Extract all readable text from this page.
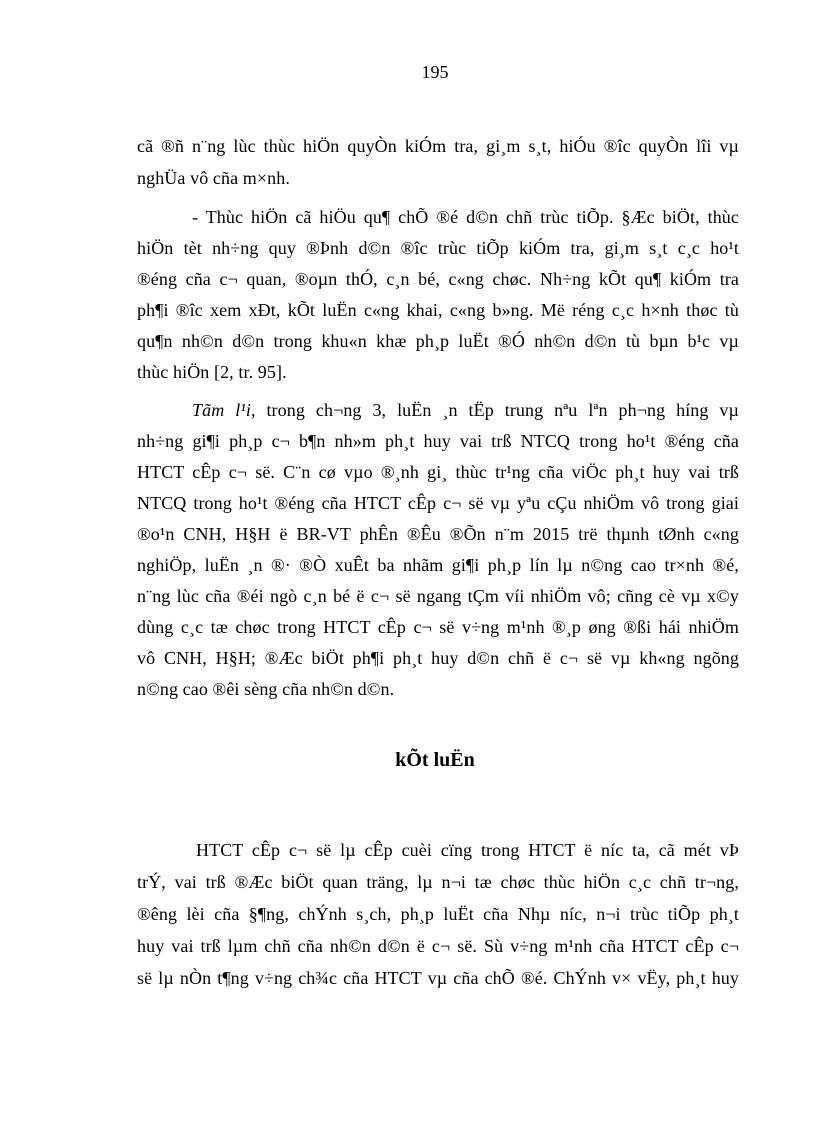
195
cã ®ñ n¨ng lùc thùc hiÖn quyÒn kiÓm tra, gi¸m s¸t, hiÓu ®îc quyÒn lîi vµ
nghÜa vô cña m×nh.
- Thùc hiÖn cã hiÖu qu¶ chÕ ®é d©n chñ trùc tiÕp. §Æc biÖt, thùc
hiÖn tèt nh÷ng quy ®Þnh d©n ®îc trùc tiÕp kiÓm tra, gi¸m s¸t c¸c ho¹t
®éng cña c¬ quan, ®oµn thÓ, c¸n bé, c«ng chøc. Nh÷ng kÕt qu¶ kiÓm tra
ph¶i ®îc xem xÐt, kÕt luËn c«ng khai, c«ng b»ng. Më réng c¸c h×nh thøc tù
qu¶n nh©n d©n trong khu«n khæ ph¸p luËt ®Ó nh©n d©n tù bµn b¹c vµ
thùc hiÖn [2, tr. 95].
Tãm l¹i, trong ch¬ng 3, luËn ¸n tËp trung nªu lªn ph¬ng híng vµ
nh÷ng gi¶i ph¸p c¬ b¶n nh»m ph¸t huy vai trß NTCQ trong ho¹t ®éng cña
HTCT cÊp c¬ së. C¨n cø vµo ®¸nh gi¸ thùc tr¹ng cña viÖc ph¸t huy vai trß
NTCQ trong ho¹t ®éng cña HTCT cÊp c¬ së vµ yªu cÇu nhiÖm vô trong giai
®o¹n CNH, H§H ë BR-VT phÊn ®Êu ®Õn n¨m 2015 trë thµnh tØnh c«ng
nghiÖp, luËn ¸n ®· ®Ò xuÊt ba nhãm gi¶i ph¸p lín lµ n©ng cao tr×nh ®é,
n¨ng lùc cña ®éi ngò c¸n bé ë c¬ së ngang tÇm víi nhiÖm vô; cñng cè vµ x©y
dùng c¸c tæ chøc trong HTCT cÊp c¬ së v÷ng m¹nh ®¸p øng ®ßi hái nhiÖm
vô CNH, H§H; ®Æc biÖt ph¶i ph¸t huy d©n chñ ë c¬ së vµ kh«ng ngõng
n©ng cao ®êi sèng cña nh©n d©n.
kÕt luËn
HTCT cÊp c¬ së lµ cÊp cuèi cïng trong HTCT ë níc ta, cã mét vÞ
trÝ, vai trß ®Æc biÖt quan träng, lµ n¬i tæ chøc thùc hiÖn c¸c chñ tr¬ng,
®êng lèi cña §¶ng, chÝnh s¸ch, ph¸p luËt cña Nhµ níc, n¬i trùc tiÕp ph¸t
huy vai trß lµm chñ cña nh©n d©n ë c¬ së. Sù v÷ng m¹nh cña HTCT cÊp c¬
së lµ nÒn t¶ng v÷ng ch¾c cña HTCT vµ cña chÕ ®é. ChÝnh v× vËy, ph¸t huy
